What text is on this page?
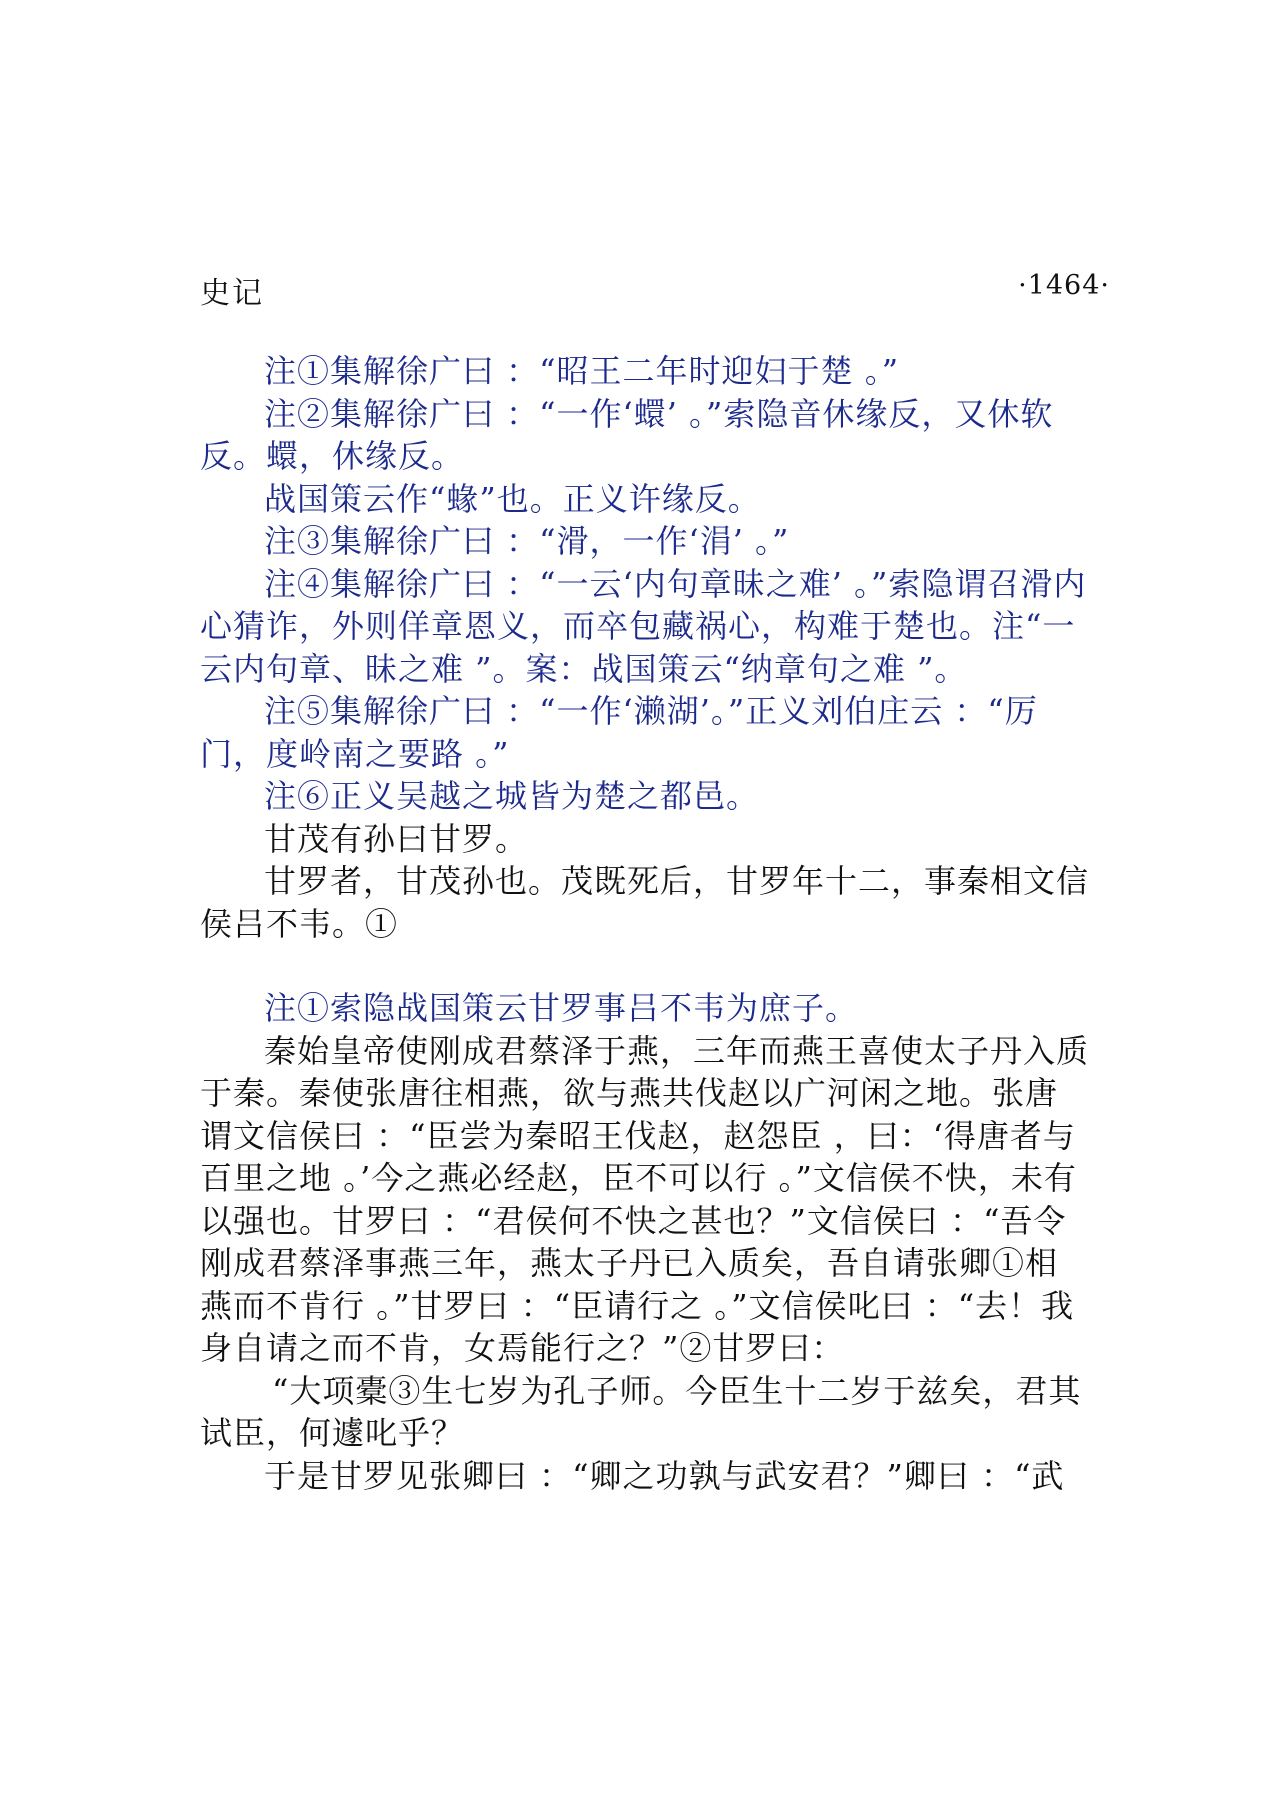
史记	·1464·

注①集解徐广曰 ：“昭王二年时迎妇于楚 。”

注②集解徐广曰 ：“一作‘蠉’ 。”索隐音休缘反，又休软反。蠉，休缘反。

战国策云作“蝝”也。正义许缘反。

注③集解徐广曰 ：“滑，一作‘涓’ 。”

注④集解徐广曰 ：“一云‘内句章昧之难’ 。”索隐谓召滑内心猜诈，外则佯章恩义，而卒包藏祸心，构难于楚也。注“一云内句章、昧之难 ”。案：战国策云“纳章句之难 ”。

注⑤集解徐广曰 ：“一作‘濑湖’。”正义刘伯庄云 ：“厉门，度岭南之要路 。”

注⑥正义吴越之城皆为楚之都邑。

甘茂有孙曰甘罗。

甘罗者，甘茂孙也。茂既死后，甘罗年十二，事秦相文信侯吕不韦。①

注①索隐战国策云甘罗事吕不韦为庶子。

秦始皇帝使刚成君蔡泽于燕，三年而燕王喜使太子丹入质于秦。秦使张唐往相燕，欲与燕共伐赵以广河闲之地。张唐谓文信侯曰 ：“臣尝为秦昭王伐赵，赵怨臣 ，曰：‘得唐者与百里之地 。’今之燕必经赵，臣不可以行 。”文信侯不快，未有以强也。甘罗曰 ：“君侯何不快之甚也？”文信侯曰 ：“吾令刚成君蔡泽事燕三年，燕太子丹已入质矣，吾自请张卿①相燕而不肯行 。”甘罗曰 ：“臣请行之 。”文信侯叱曰 ：“去！我身自请之而不肯，女焉能行之？”②甘罗曰：

“大项橐③生七岁为孔子师。今臣生十二岁于兹矣，君其试臣，何遽叱乎？

于是甘罗见张卿曰 ：“卿之功孰与武安君？”卿曰 ：“武
